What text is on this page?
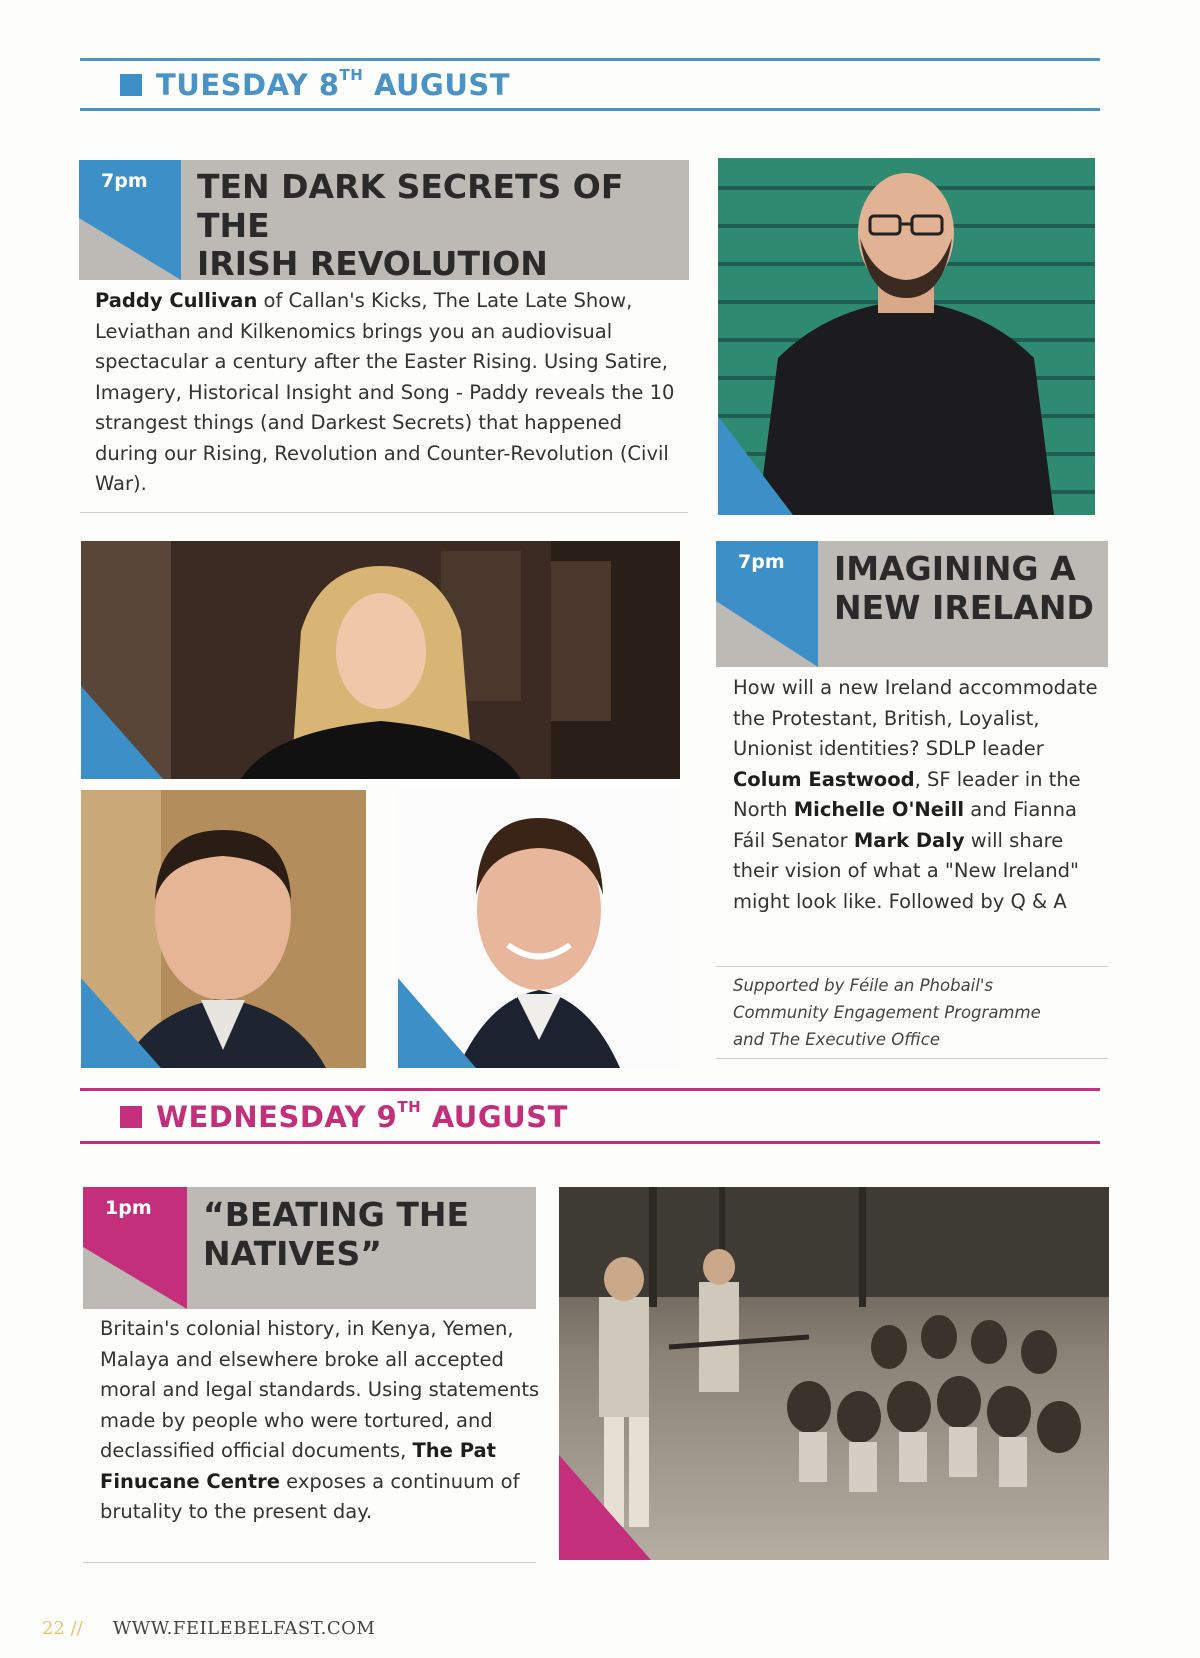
TUESDAY 8TH AUGUST
7pm TEN DARK SECRETS OF THE
IRISH REVOLUTION
Paddy Cullivan of Callan's Kicks, The Late Late Show, Leviathan and Kilkenomics brings you an audiovisual spectacular a century after the Easter Rising. Using Satire, Imagery, Historical Insight and Song - Paddy reveals the 10 strangest things (and Darkest Secrets) that happened during our Rising, Revolution and Counter-Revolution (Civil War).
7pm IMAGINING A
NEW IRELAND
How will a new Ireland accommodate the Protestant, British, Loyalist, Unionist identities? SDLP leader Colum Eastwood, SF leader in the North Michelle O'Neill and Fianna Fáil Senator Mark Daly will share their vision of what a "New Ireland" might look like. Followed by Q & A
Supported by Féile an Phobail's
Community Engagement Programme
and The Executive Office
WEDNESDAY 9TH AUGUST
1pm “BEATING THE
NATIVES”
Britain's colonial history, in Kenya, Yemen, Malaya and elsewhere broke all accepted moral and legal standards. Using statements made by people who were tortured, and declassified official documents, The Pat Finucane Centre exposes a continuum of brutality to the present day.
22 // WWW.FEILEBELFAST.COM
